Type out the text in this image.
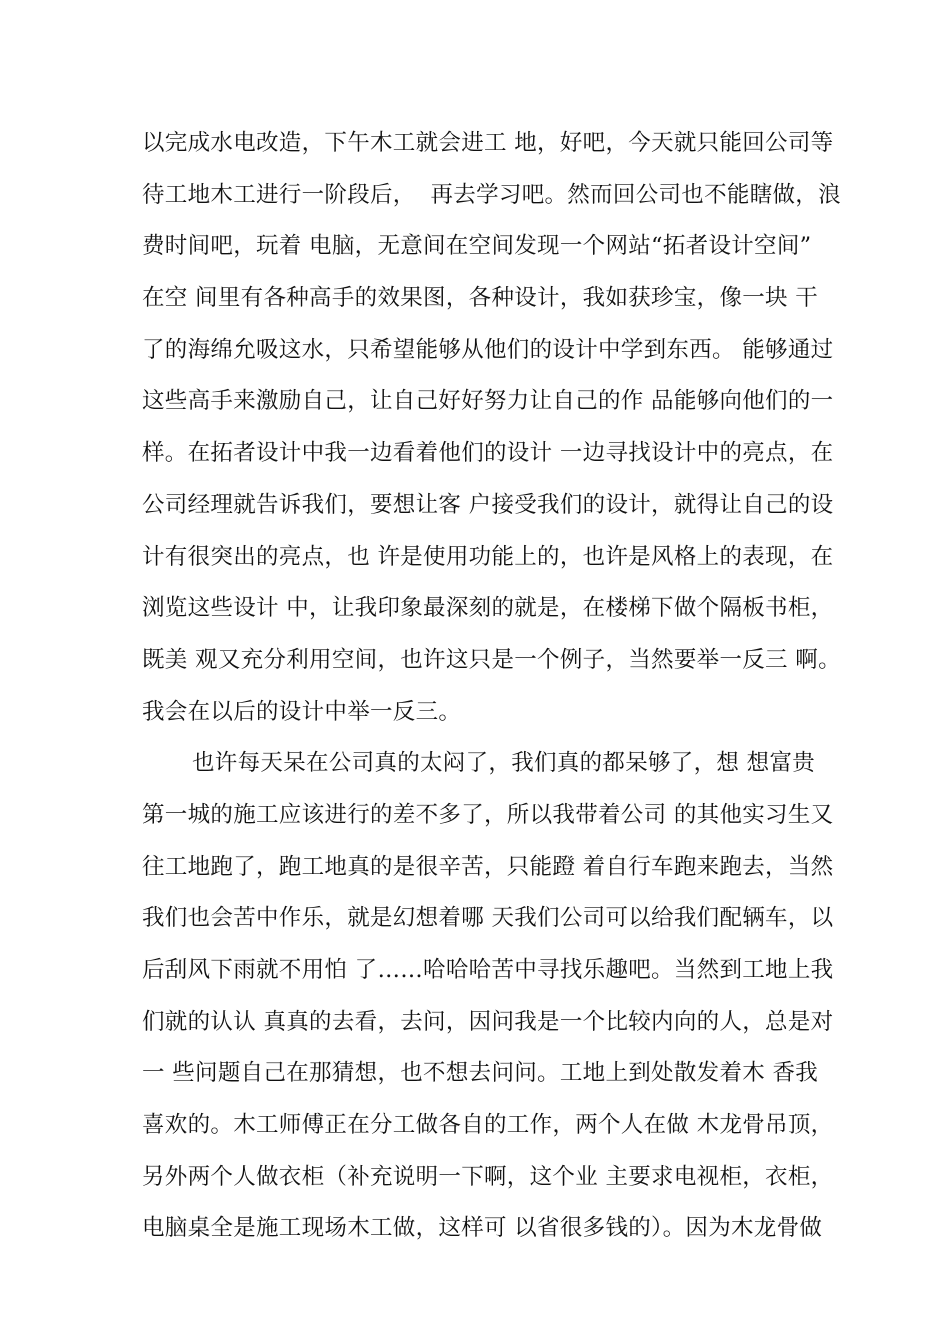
以完成水电改造，下午木工就会进工 地，好吧，今天就只能回公司等
待工地木工进行一阶段后，  再去学习吧。然而回公司也不能瞎做，浪
费时间吧，玩着 电脑，无意间在空间发现一个网站“拓者设计空间”
在空 间里有各种高手的效果图，各种设计，我如获珍宝，像一块 干
了的海绵允吸这水，只希望能够从他们的设计中学到东西。 能够通过
这些高手来激励自己，让自己好好努力让自己的作 品能够向他们的一
样。在拓者设计中我一边看着他们的设计 一边寻找设计中的亮点，在
公司经理就告诉我们，要想让客 户接受我们的设计，就得让自己的设
计有很突出的亮点，也 许是使用功能上的，也许是风格上的表现，在
浏览这些设计 中，让我印象最深刻的就是，在楼梯下做个隔板书柜，
既美 观又充分利用空间，也许这只是一个例子，当然要举一反三 啊。
我会在以后的设计中举一反三。
也许每天呆在公司真的太闷了，我们真的都呆够了，想 想富贵
第一城的施工应该进行的差不多了，所以我带着公司 的其他实习生又
往工地跑了，跑工地真的是很辛苦，只能蹬 着自行车跑来跑去，当然
我们也会苦中作乐，就是幻想着哪 天我们公司可以给我们配辆车，以
后刮风下雨就不用怕 了……哈哈哈苦中寻找乐趣吧。当然到工地上我
们就的认认 真真的去看，去问，因问我是一个比较内向的人，总是对
一 些问题自己在那猜想，也不想去问问。工地上到处散发着木 香我
喜欢的。木工师傅正在分工做各自的工作，两个人在做 木龙骨吊顶，
另外两个人做衣柜（补充说明一下啊，这个业 主要求电视柜，衣柜，
电脑桌全是施工现场木工做，这样可 以省很多钱的）。因为木龙骨做
